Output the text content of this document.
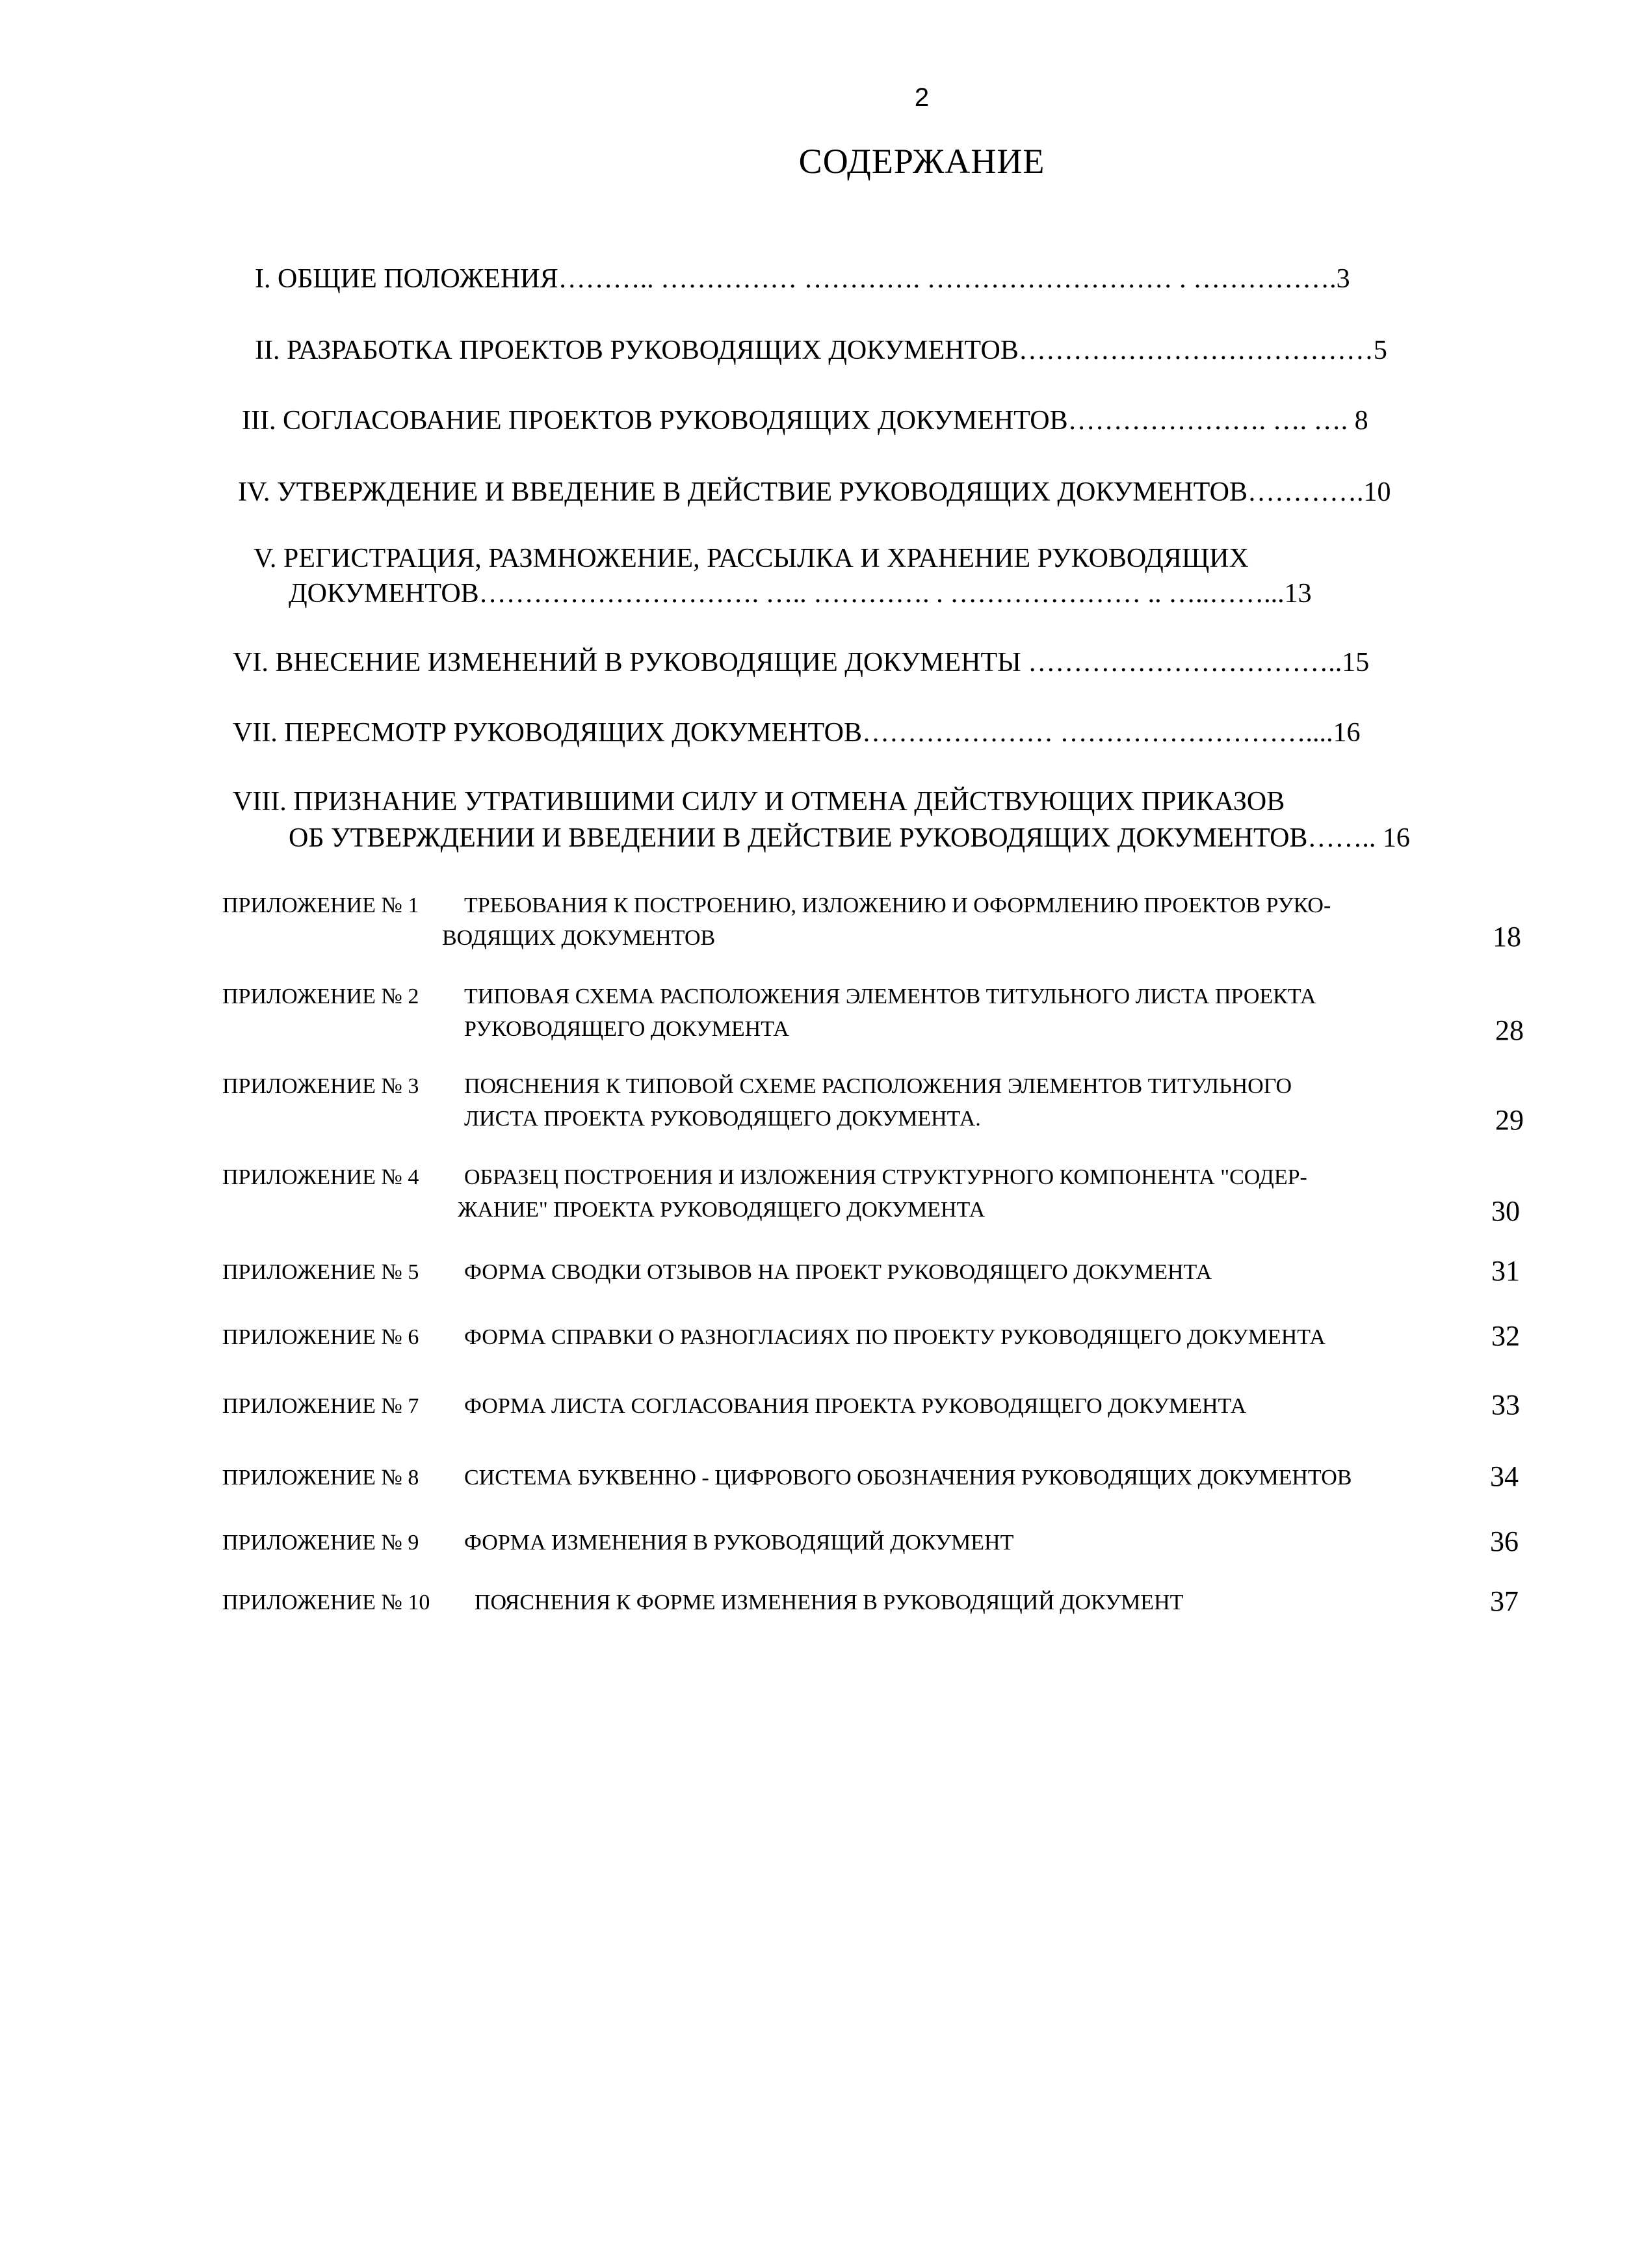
2
СОДЕРЖАНИЕ
I. ОБЩИЕ ПОЛОЖЕНИЯ……….. …………… …………. ……………………… . …………….3
II. РАЗРАБОТКА ПРОЕКТОВ РУКОВОДЯЩИХ ДОКУМЕНТОВ…………………………………5
III. СОГЛАСОВАНИЕ ПРОЕКТОВ РУКОВОДЯЩИХ ДОКУМЕНТОВ…………………. …. …. 8
IV. УТВЕРЖДЕНИЕ И ВВЕДЕНИЕ В ДЕЙСТВИЕ РУКОВОДЯЩИХ ДОКУМЕНТОВ………….10
V. РЕГИСТРАЦИЯ, РАЗМНОЖЕНИЕ, РАССЫЛКА И ХРАНЕНИЕ РУКОВОДЯЩИХ
ДОКУМЕНТОВ…………………………. ….. …………. . ………………… .. …..……...13
VI. ВНЕСЕНИЕ ИЗМЕНЕНИЙ В РУКОВОДЯЩИЕ ДОКУМЕНТЫ ……………………………..15
VII. ПЕРЕСМОТР РУКОВОДЯЩИХ ДОКУМЕНТОВ………………… ………………………....16
VIII. ПРИЗНАНИЕ УТРАТИВШИМИ СИЛУ И ОТМЕНА ДЕЙСТВУЮЩИХ ПРИКАЗОВ
ОБ УТВЕРЖДЕНИИ И ВВЕДЕНИИ В ДЕЙСТВИЕ РУКОВОДЯЩИХ ДОКУМЕНТОВ…….. 16
ПРИЛОЖЕНИЕ № 1 ТРЕБОВАНИЯ К ПОСТРОЕНИЮ, ИЗЛОЖЕНИЮ И ОФОРМЛЕНИЮ ПРОЕКТОВ РУКО-
ВОДЯЩИХ ДОКУМЕНТОВ	18
ПРИЛОЖЕНИЕ № 2 ТИПОВАЯ СХЕМА РАСПОЛОЖЕНИЯ ЭЛЕМЕНТОВ ТИТУЛЬНОГО ЛИСТА ПРОЕКТА
РУКОВОДЯЩЕГО ДОКУМЕНТА	28
ПРИЛОЖЕНИЕ № 3 ПОЯСНЕНИЯ К ТИПОВОЙ СХЕМЕ РАСПОЛОЖЕНИЯ ЭЛЕМЕНТОВ ТИТУЛЬНОГО
ЛИСТА ПРОЕКТА РУКОВОДЯЩЕГО ДОКУМЕНТА.	29
ПРИЛОЖЕНИЕ № 4 ОБРАЗЕЦ ПОСТРОЕНИЯ И ИЗЛОЖЕНИЯ СТРУКТУРНОГО КОМПОНЕНТА "СОДЕР-
ЖАНИЕ" ПРОЕКТА РУКОВОДЯЩЕГО ДОКУМЕНТА	30
ПРИЛОЖЕНИЕ № 5 ФОРМА СВОДКИ ОТЗЫВОВ НА ПРОЕКТ РУКОВОДЯЩЕГО ДОКУМЕНТА	31
ПРИЛОЖЕНИЕ № 6 ФОРМА СПРАВКИ О РАЗНОГЛАСИЯХ ПО ПРОЕКТУ РУКОВОДЯЩЕГО ДОКУМЕНТА	32
ПРИЛОЖЕНИЕ № 7 ФОРМА ЛИСТА СОГЛАСОВАНИЯ ПРОЕКТА РУКОВОДЯЩЕГО ДОКУМЕНТА	33
ПРИЛОЖЕНИЕ № 8 СИСТЕМА БУКВЕННО - ЦИФРОВОГО ОБОЗНАЧЕНИЯ РУКОВОДЯЩИХ ДОКУМЕНТОВ	34
ПРИЛОЖЕНИЕ № 9 ФОРМА ИЗМЕНЕНИЯ В РУКОВОДЯЩИЙ ДОКУМЕНТ	36
ПРИЛОЖЕНИЕ № 10 ПОЯСНЕНИЯ К ФОРМЕ ИЗМЕНЕНИЯ В РУКОВОДЯЩИЙ ДОКУМЕНТ	37
